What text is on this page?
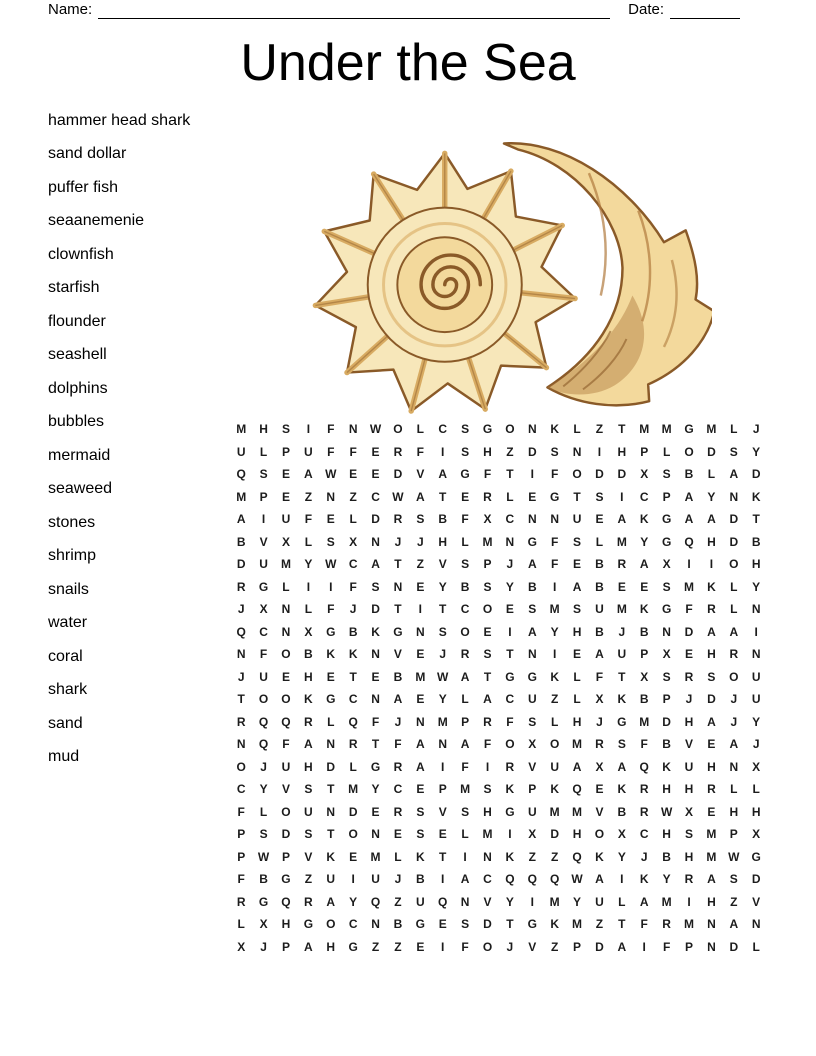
Name:	Date:
Under the Sea
hammer head shark
sand dollar
puffer fish
seaanemenie
clownfish
starfish
flounder
seashell
dolphins
bubbles
mermaid
seaweed
stones
shrimp
snails
water
coral
shark
sand
mud
M	H	S	I	F	N	W	O	L	C	S	G	O	N	K	L	Z	T	M	M	G	M	L	J
U	L	P	U	F	F	E	R	F	I	S	H	Z	D	S	N	I	H	P	L	O	D	S	Y
Q	S	E	A	W	E	E	D	V	A	G	F	T	I	F	O	D	D	X	S	B	L	A	D
M	P	E	Z	N	Z	C	W	A	T	E	R	L	E	G	T	S	I	C	P	A	Y	N	K
A	I	U	F	E	L	D	R	S	B	F	X	C	N	N	U	E	A	K	G	A	A	D	T
B	V	X	L	S	X	N	J	J	H	L	M	N	G	F	S	L	M	Y	G	Q	H	D	B
D	U	M	Y	W	C	A	T	Z	V	S	P	J	A	F	E	B	R	A	X	I	I	O	H
R	G	L	I	I	F	S	N	E	Y	B	S	Y	B	I	A	B	E	E	S	M	K	L	Y
J	X	N	L	F	J	D	T	I	T	C	O	E	S	M	S	U	M	K	G	F	R	L	N
Q	C	N	X	G	B	K	G	N	S	O	E	I	A	Y	H	B	J	B	N	D	A	A	I
N	F	O	B	K	K	N	V	E	J	R	S	T	N	I	E	A	U	P	X	E	H	R	N
J	U	E	H	E	T	E	B	M W	A	T	G	G	K	L	F	T	X	S	R	S	O	U
T	O	O	K	G	C	N	A	E	Y	L	A	C	U	Z	L	X	K	B	P	J	D	J	U
R	Q	Q	R	L	Q	F	J	N	M	P	R	F	S	L	H	J	G	M	D	H	A	J	Y
N	Q	F	A	N	R	T	F	A	N	A	F	O	X	O	M	R	S	F	B	V	E	A	J
O	J	U	H	D	L	G	R	A	I	F	I	R	V	U	A	X	A	Q	K	U	H	N	X
C	Y	V	S	T	M	Y	C	E	P	M	S	K	P	K	Q	E	K	R	H	H	R	L	L
F	L	O	U	N	D	E	R	S	V	S	H	G	U	M	M	V	B	R	W	X	E	H	H
P	S	D	S	T	O	N	E	S	E	L	M	I	X	D	H	O	X	C	H	S	M	P	X
P	W	P	V	K	E	M	L	K	T	I	N	K	Z	Z	Q	K	Y	J	B	H	M W	G
F	B	G	Z	U	I	U	J	B	I	A	C	Q	Q	Q	W	A	I	K	Y	R	A	S	D
R	G	Q	R	A	Y	Q	Z	U	Q	N	V	Y	I	M	Y	U	L	A	M	I	H	Z	V
L	X	H	G	O	C	N	B	G	E	S	D	T	G	K	M	Z	T	F	R	M	N	A	N
X	J	P	A	H	G	Z	Z	E	I	F	O	J	V	Z	P	D	A	I	F	P	N	D	L
